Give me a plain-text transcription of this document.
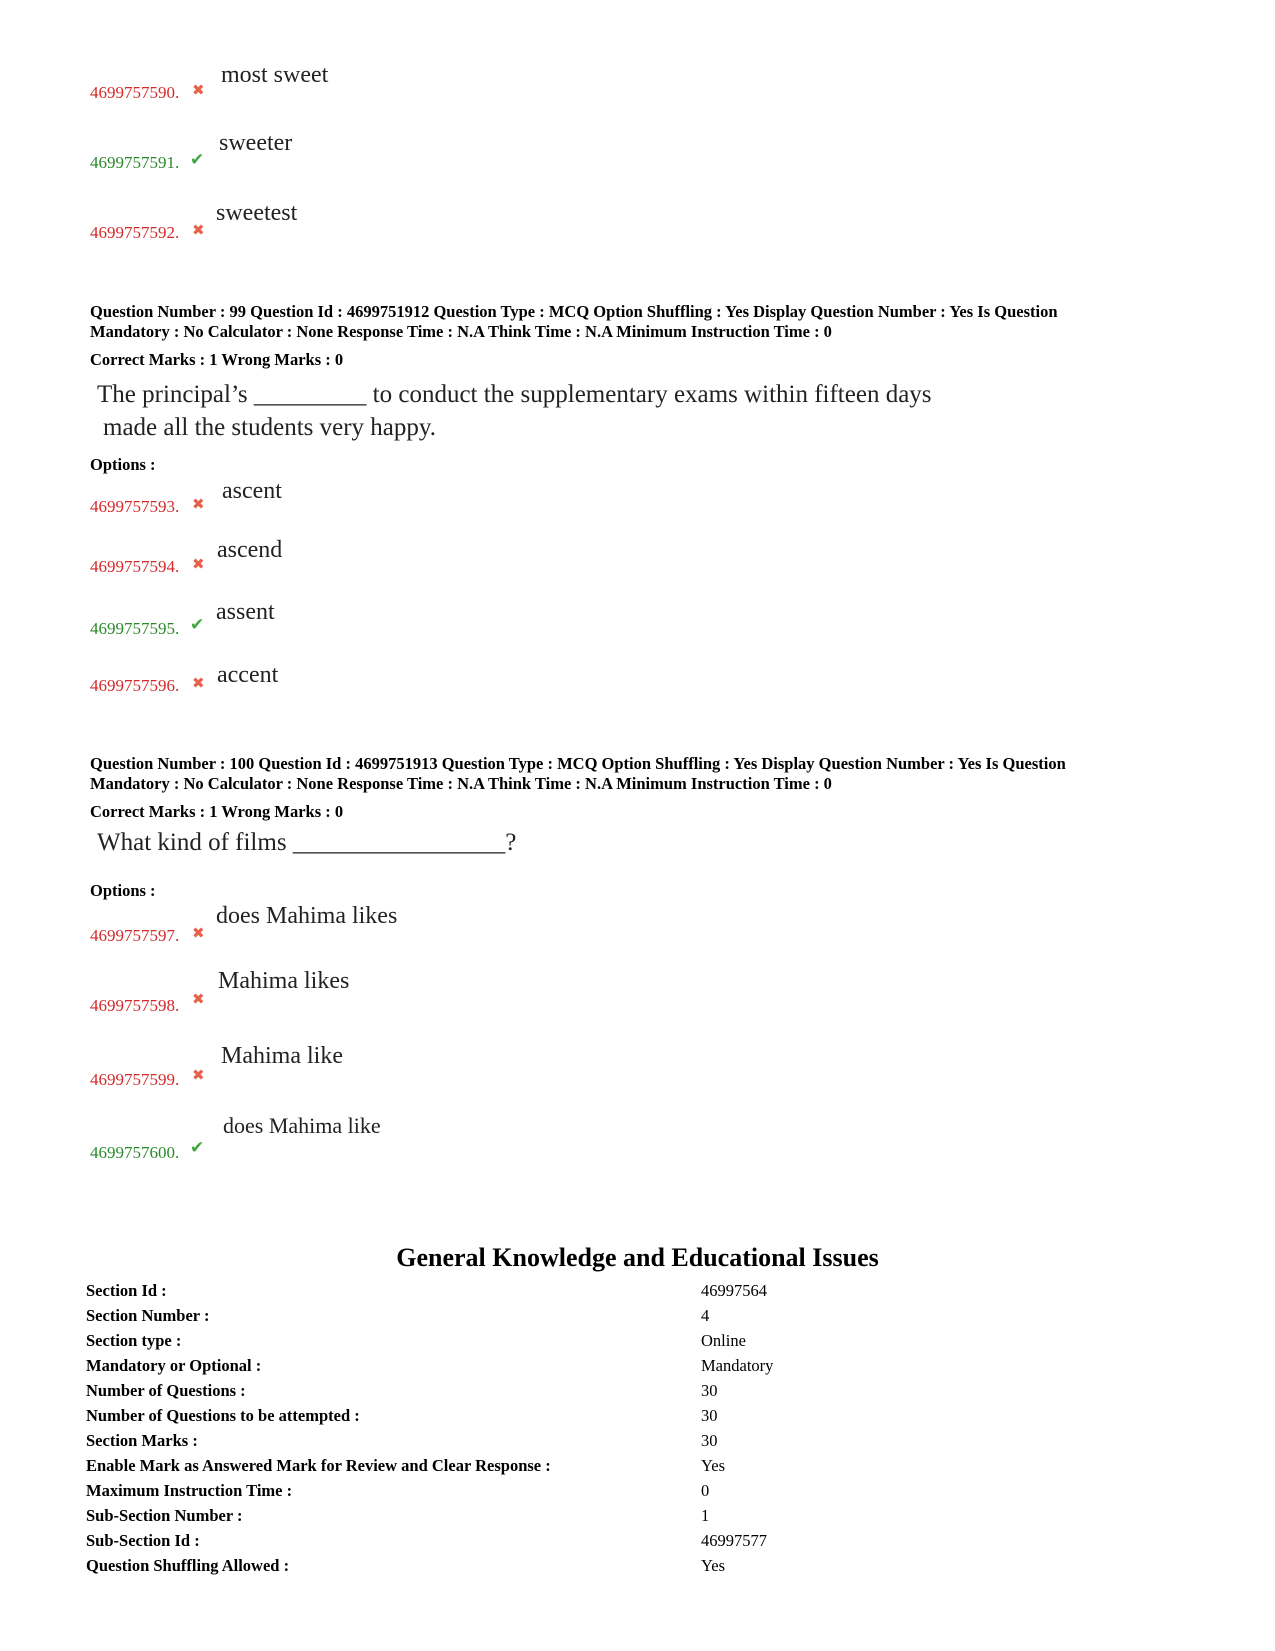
4699757590. ✖
most sweet
4699757591. ✔
sweeter
4699757592. ✖
sweetest
Question Number : 99 Question Id : 4699751912 Question Type : MCQ Option Shuffling : Yes Display Question Number : Yes Is Question
Mandatory : No Calculator : None Response Time : N.A Think Time : N.A Minimum Instruction Time : 0
Correct Marks : 1 Wrong Marks : 0
The principal’s _________ to conduct the supplementary exams within fifteen days
made all the students very happy.
Options :
4699757593. ✖ ascent
4699757594. ✖
ascend
4699757595. ✔ assent
4699757596. ✖ accent
Question Number : 100 Question Id : 4699751913 Question Type : MCQ Option Shuffling : Yes Display Question Number : Yes Is Question
Mandatory : No Calculator : None Response Time : N.A Think Time : N.A Minimum Instruction Time : 0
Correct Marks : 1 Wrong Marks : 0
What kind of films _________________?
Options :
4699757597. ✖
does Mahima likes
4699757598. ✖
Mahima likes
4699757599. ✖
Mahima like
4699757600. ✔
does Mahima like
General Knowledge and Educational Issues
Section Id :	46997564
Section Number :	4
Section type :	Online
Mandatory or Optional :	Mandatory
Number of Questions :	30
Number of Questions to be attempted :	30
Section Marks :	30
Enable Mark as Answered Mark for Review and Clear Response :	Yes
Maximum Instruction Time :	0
Sub-Section Number :	1
Sub-Section Id :	46997577
Question Shuffling Allowed :	Yes
